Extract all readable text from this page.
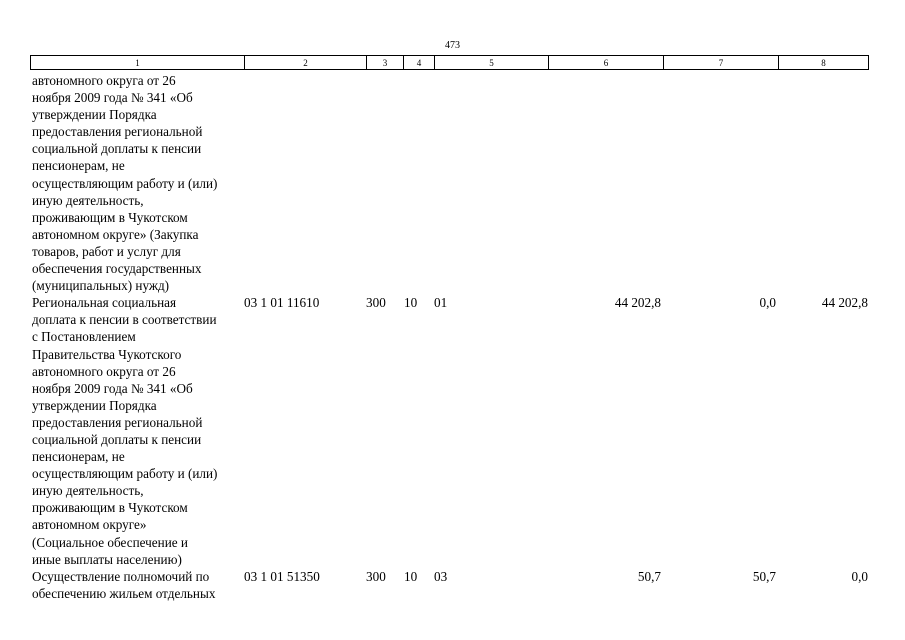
473
1	2	3	4	5	6	7	8
автономного округа от 26
ноября 2009 года № 341 «Об
утверждении Порядка
предоставления региональной
социальной доплаты к пенсии
пенсионерам, не
осуществляющим работу и (или)
иную деятельность,
проживающим в Чукотском
автономном округе» (Закупка
товаров, работ и услуг для
обеспечения государственных
(муниципальных) нужд)
Региональная социальная
доплата к пенсии в соответствии
с Постановлением
Правительства Чукотского
автономного округа от 26
ноября 2009 года № 341 «Об
утверждении Порядка
предоставления региональной
социальной доплаты к пенсии
пенсионерам, не
осуществляющим работу и (или)
иную деятельность,
проживающим в Чукотском
автономном округе»
(Социальное обеспечение и
иные выплаты населению)
03 1 01 11610	300 10 01	44 202,8	0,0	44 202,8
Осуществление полномочий по
обеспечению жильем отдельных
03 1 01 51350	300 10 03	50,7	50,7	0,0
